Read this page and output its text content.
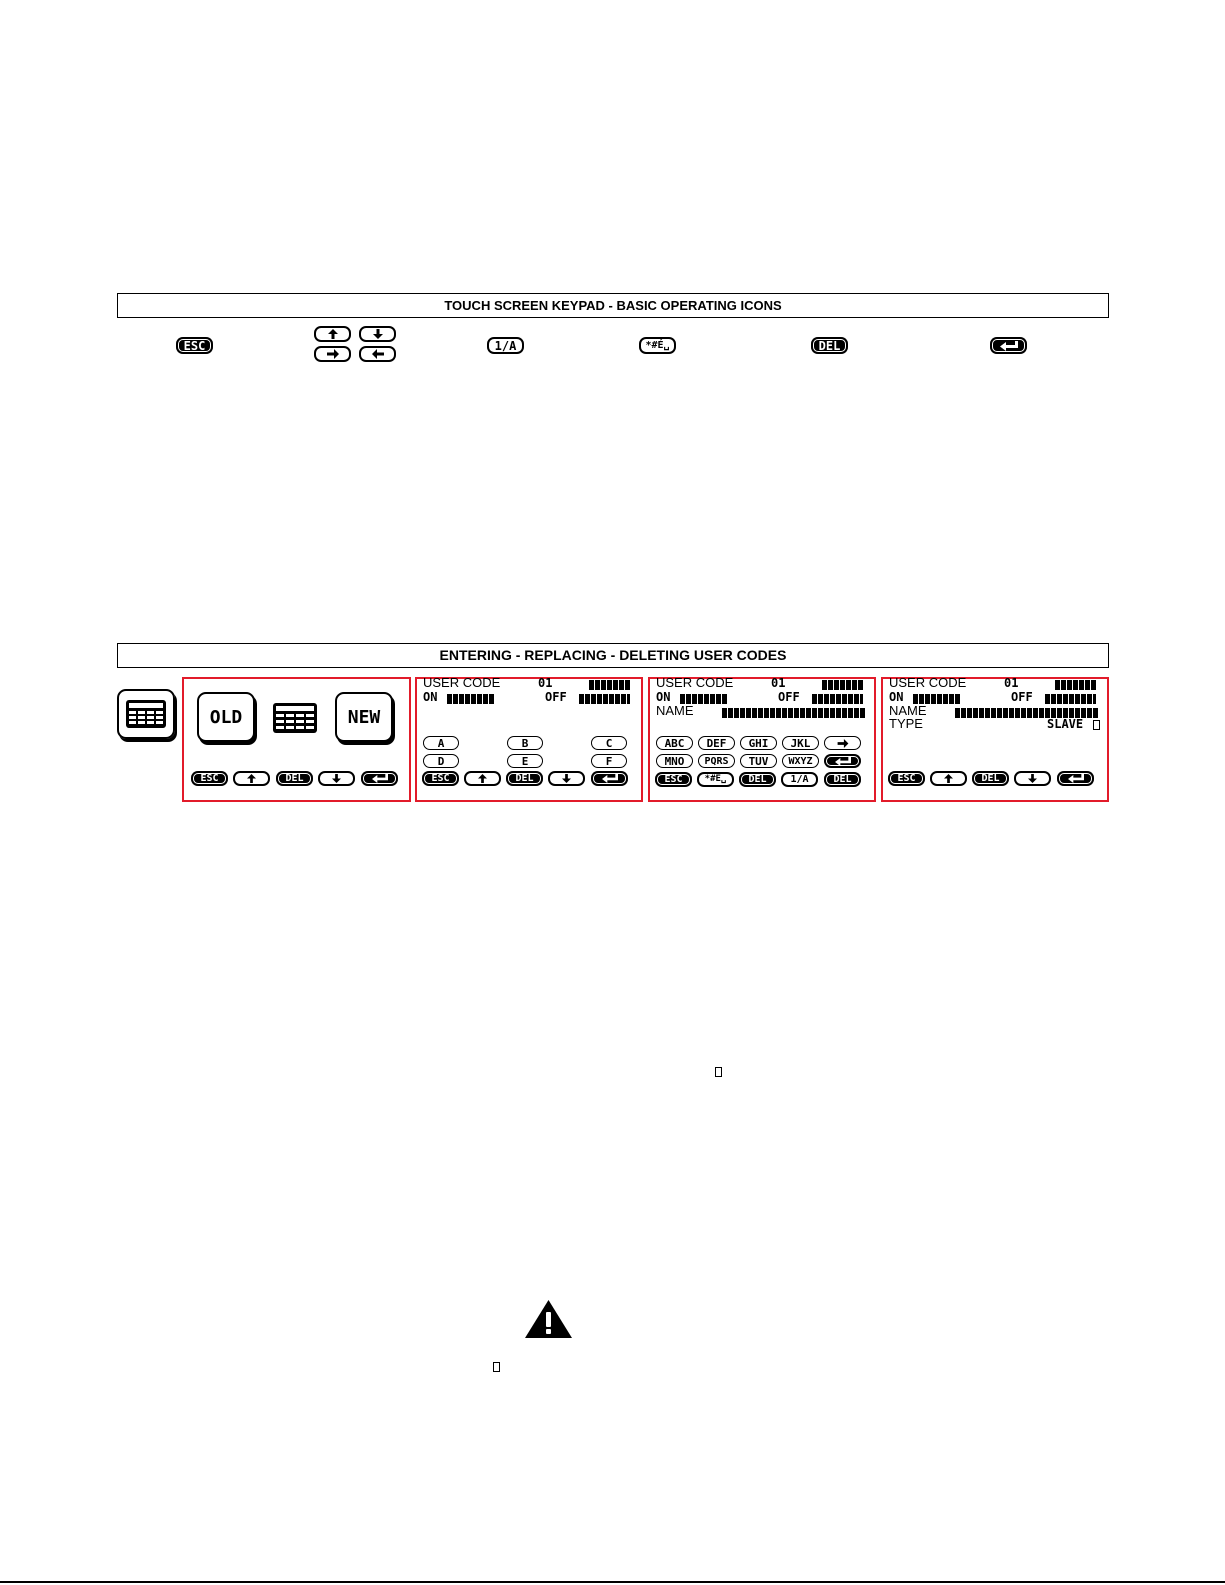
TOUCH SCREEN KEYPAD - BASIC OPERATING ICONS
ESC	1/A	*#É␣	DEL
ENTERING - REPLACING - DELETING USER CODES
OLD	NEW
ESC	DEL
USER CODE	01
ON	OFF
A	B	C
D	E	F
ESC	DEL
USER CODE	01
ON	OFF
NAME
ABC	DEF	GHI	JKL
MNO	PQRS	TUV	WXYZ
ESC	*#É␣	DEL	1/A	DEL
USER CODE	01
ON	OFF
NAME
TYPE	SLAVE
ESC	DEL
